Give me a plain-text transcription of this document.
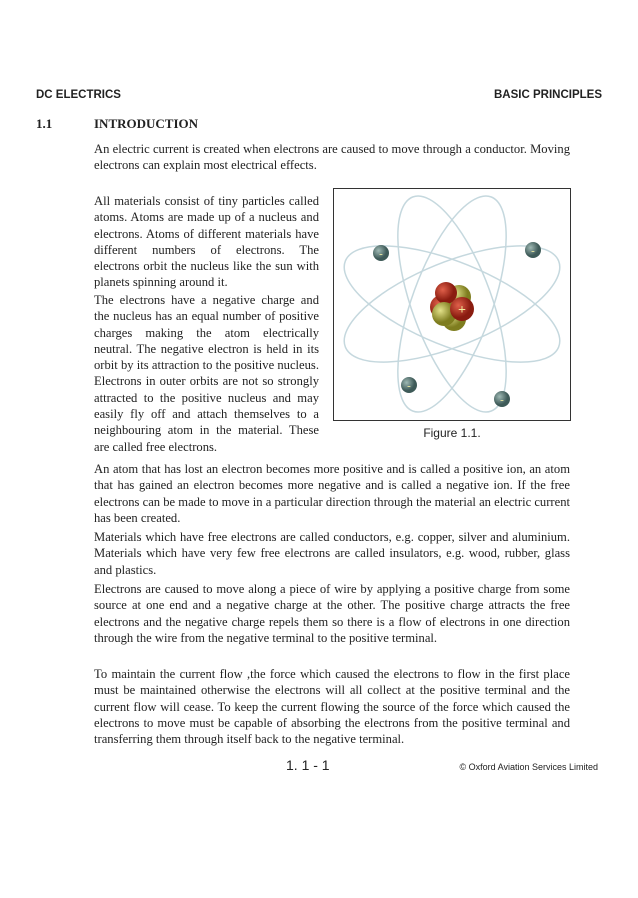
DC ELECTRICS	BASIC PRINCIPLES
1.1	INTRODUCTION

An electric current is created when electrons are caused to move through a conductor. Moving electrons can explain most electrical effects.

All materials consist of tiny particles called atoms. Atoms are made up of a nucleus and electrons. Atoms of different materials have different numbers of electrons. The electrons orbit the nucleus like the sun with planets spinning around it.

The electrons have a negative charge and the nucleus has an equal number of positive charges making the atom electrically neutral. The negative electron is held in its orbit by its attraction to the positive nucleus. Electrons in outer orbits are not so strongly attracted to the positive nucleus and may easily fly off and attach themselves to a neighbouring atom in the material. These are called free electrons.

+
-	-
-
-
Figure 1.1.

An atom that has lost an electron becomes more positive and is called a positive ion, an atom that has gained an electron becomes more negative and is called a negative ion. If the free electrons can be made to move in a particular direction through the material an electric current has been created.

Materials which have free electrons are called conductors, e.g. copper, silver and aluminium. Materials which have very few free electrons are called insulators, e.g. wood, rubber, glass and plastics.

Electrons are caused to move along a piece of wire by applying a positive charge from some source at one end and a negative charge at the other. The positive charge attracts the free electrons and the negative charge repels them so there is a flow of electrons in one direction through the wire from the negative terminal to the positive terminal.

To maintain the current flow ,the force which caused the electrons to flow in the first place must be maintained otherwise the electrons will all collect at the positive terminal and the current flow will cease. To keep the current flowing the source of the force which caused the electrons to move must be capable of absorbing the electrons from the positive terminal and transferring them through itself back to the negative terminal.

1. 1 - 1	© Oxford Aviation Services Limited
